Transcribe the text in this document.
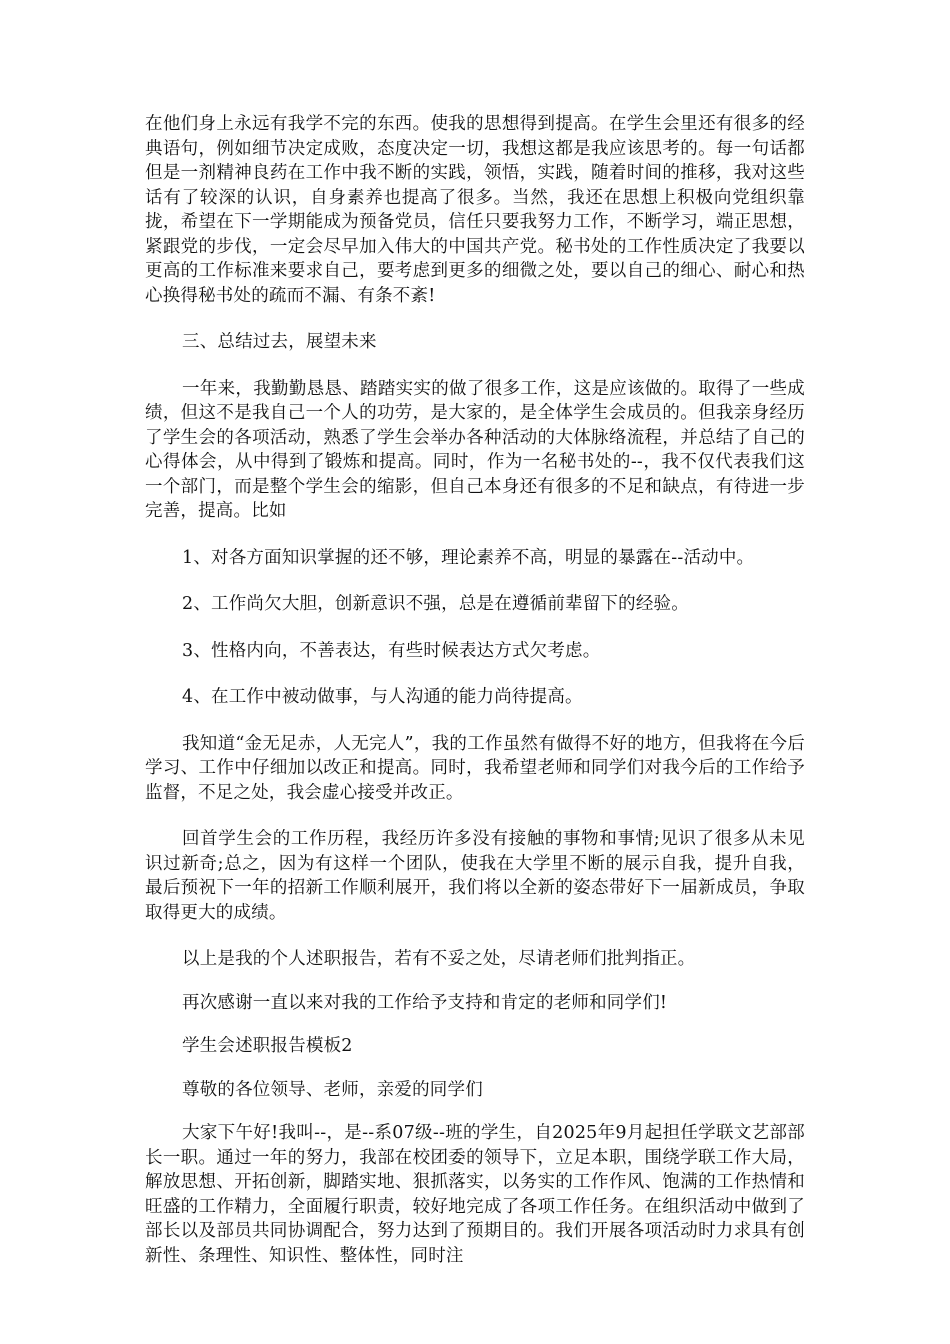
在他们身上永远有我学不完的东西。使我的思想得到提高。在学生会里还有很多的经典语句，例如细节决定成败，态度决定一切，我想这都是我应该思考的。每一句话都但是一剂精神良药在工作中我不断的实践，领悟，实践，随着时间的推移，我对这些话有了较深的认识，自身素养也提高了很多。当然，我还在思想上积极向党组织靠拢，希望在下一学期能成为预备党员，信任只要我努力工作，不断学习，端正思想，紧跟党的步伐，一定会尽早加入伟大的中国共产党。秘书处的工作性质决定了我要以更高的工作标准来要求自己，要考虑到更多的细微之处，要以自己的细心、耐心和热心换得秘书处的疏而不漏、有条不紊!

三、总结过去，展望未来

一年来，我勤勤恳恳、踏踏实实的做了很多工作，这是应该做的。取得了一些成绩，但这不是我自己一个人的功劳，是大家的，是全体学生会成员的。但我亲身经历了学生会的各项活动，熟悉了学生会举办各种活动的大体脉络流程，并总结了自己的心得体会，从中得到了锻炼和提高。同时，作为一名秘书处的--，我不仅代表我们这一个部门，而是整个学生会的缩影，但自己本身还有很多的不足和缺点，有待进一步完善，提高。比如

1、对各方面知识掌握的还不够，理论素养不高，明显的暴露在--活动中。

2、工作尚欠大胆，创新意识不强，总是在遵循前辈留下的经验。

3、性格内向，不善表达，有些时候表达方式欠考虑。

4、在工作中被动做事，与人沟通的能力尚待提高。

我知道“金无足赤，人无完人”，我的工作虽然有做得不好的地方，但我将在今后学习、工作中仔细加以改正和提高。同时，我希望老师和同学们对我今后的工作给予监督，不足之处，我会虚心接受并改正。

回首学生会的工作历程，我经历许多没有接触的事物和事情;见识了很多从未见识过新奇;总之，因为有这样一个团队，使我在大学里不断的展示自我，提升自我，最后预祝下一年的招新工作顺利展开，我们将以全新的姿态带好下一届新成员，争取取得更大的成绩。

以上是我的个人述职报告，若有不妥之处，尽请老师们批判指正。

再次感谢一直以来对我的工作给予支持和肯定的老师和同学们!

学生会述职报告模板2

尊敬的各位领导、老师，亲爱的同学们

大家下午好!我叫--，是--系07级--班的学生，自2025年9月起担任学联文艺部部长一职。通过一年的努力，我部在校团委的领导下，立足本职，围绕学联工作大局，解放思想、开拓创新，脚踏实地、狠抓落实，以务实的工作作风、饱满的工作热情和旺盛的工作精力，全面履行职责，较好地完成了各项工作任务。在组织活动中做到了部长以及部员共同协调配合，努力达到了预期目的。我们开展各项活动时力求具有创新性、条理性、知识性、整体性，同时注
